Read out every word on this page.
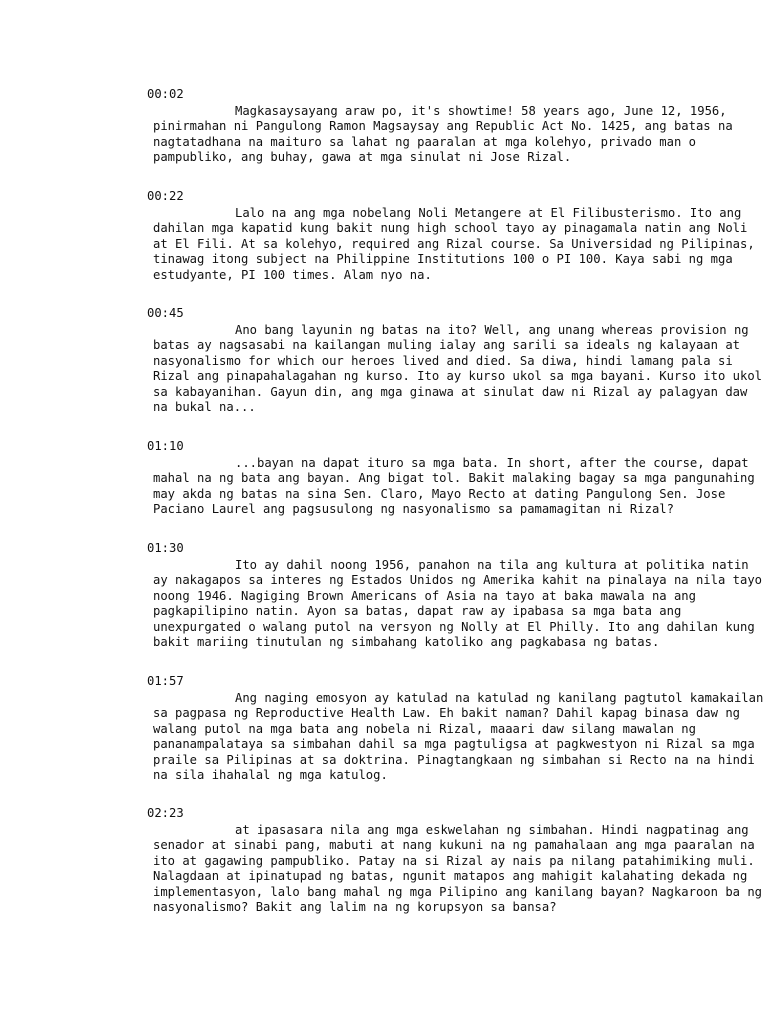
00:02
Magkasaysayang araw po, it's showtime! 58 years ago, June 12, 1956,
pinirmahan ni Pangulong Ramon Magsaysay ang Republic Act No. 1425, ang batas na
nagtatadhana na maituro sa lahat ng paaralan at mga kolehyo, privado man o
pampubliko, ang buhay, gawa at mga sinulat ni Jose Rizal.
00:22
Lalo na ang mga nobelang Noli Metangere at El Filibusterismo. Ito ang
dahilan mga kapatid kung bakit nung high school tayo ay pinagamala natin ang Noli
at El Fili. At sa kolehyo, required ang Rizal course. Sa Universidad ng Pilipinas,
tinawag itong subject na Philippine Institutions 100 o PI 100. Kaya sabi ng mga
estudyante, PI 100 times. Alam nyo na.
00:45
Ano bang layunin ng batas na ito? Well, ang unang whereas provision ng
batas ay nagsasabi na kailangan muling ialay ang sarili sa ideals ng kalayaan at
nasyonalismo for which our heroes lived and died. Sa diwa, hindi lamang pala si
Rizal ang pinapahalagahan ng kurso. Ito ay kurso ukol sa mga bayani. Kurso ito ukol
sa kabayanihan. Gayun din, ang mga ginawa at sinulat daw ni Rizal ay palagyan daw
na bukal na...
01:10
...bayan na dapat ituro sa mga bata. In short, after the course, dapat
mahal na ng bata ang bayan. Ang bigat tol. Bakit malaking bagay sa mga pangunahing
may akda ng batas na sina Sen. Claro, Mayo Recto at dating Pangulong Sen. Jose
Paciano Laurel ang pagsusulong ng nasyonalismo sa pamamagitan ni Rizal?
01:30
Ito ay dahil noong 1956, panahon na tila ang kultura at politika natin
ay nakagapos sa interes ng Estados Unidos ng Amerika kahit na pinalaya na nila tayo
noong 1946. Nagiging Brown Americans of Asia na tayo at baka mawala na ang
pagkapilipino natin. Ayon sa batas, dapat raw ay ipabasa sa mga bata ang
unexpurgated o walang putol na versyon ng Nolly at El Philly. Ito ang dahilan kung
bakit mariing tinutulan ng simbahang katoliko ang pagkabasa ng batas.
01:57
Ang naging emosyon ay katulad na katulad ng kanilang pagtutol kamakailan
sa pagpasa ng Reproductive Health Law. Eh bakit naman? Dahil kapag binasa daw ng
walang putol na mga bata ang nobela ni Rizal, maaari daw silang mawalan ng
pananampalataya sa simbahan dahil sa mga pagtuligsa at pagkwestyon ni Rizal sa mga
praile sa Pilipinas at sa doktrina. Pinagtangkaan ng simbahan si Recto na na hindi
na sila ihahalal ng mga katulog.
02:23
at ipasasara nila ang mga eskwelahan ng simbahan. Hindi nagpatinag ang
senador at sinabi pang, mabuti at nang kukuni na ng pamahalaan ang mga paaralan na
ito at gagawing pampubliko. Patay na si Rizal ay nais pa nilang patahimiking muli.
Nalagdaan at ipinatupad ng batas, ngunit matapos ang mahigit kalahating dekada ng
implementasyon, lalo bang mahal ng mga Pilipino ang kanilang bayan? Nagkaroon ba ng
nasyonalismo? Bakit ang lalim na ng korupsyon sa bansa?
